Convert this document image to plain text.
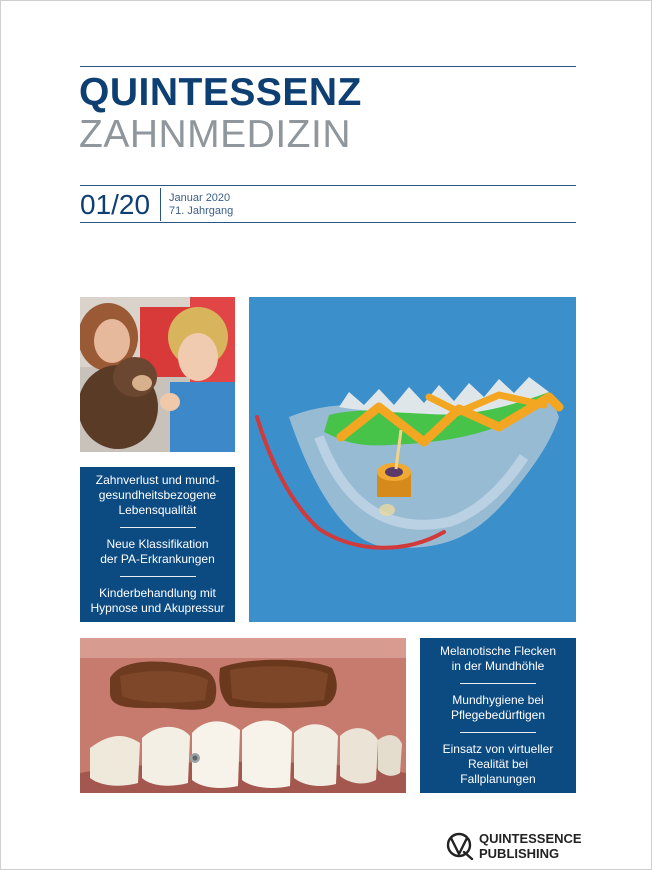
QUINTESSENZ
ZAHNMEDIZIN
01/20 Januar 2020
71. Jahrgang
Zahnverlust und mund-
gesundheitsbezogene
Lebensqualität
Neue Klassifikation
der PA-Erkrankungen
Kinderbehandlung mit
Hypnose und Akupressur
Melanotische Flecken
in der Mundhöhle
Mundhygiene bei
Pflegebedürftigen
Einsatz von virtueller
Realität bei
Fallplanungen
QUINTESSENCE PUBLISHING
